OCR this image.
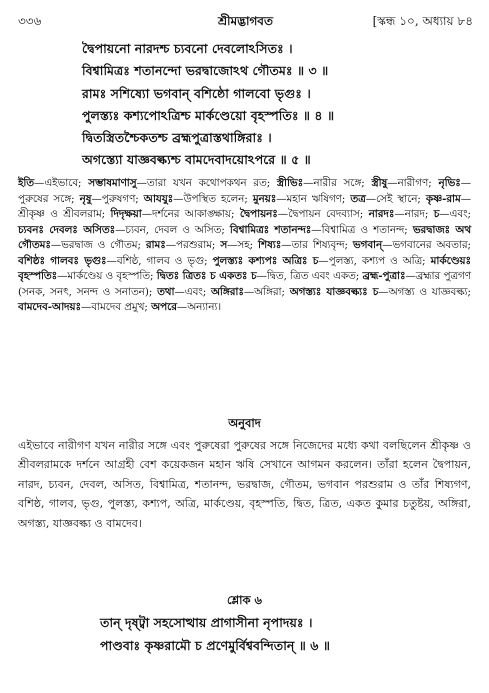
৩৩৬	শ্রীমদ্ভাগবত	[স্কন্ধ ১০, অধ্যায় ৮৪
দ্বৈপায়নো নারদশ্চ চ্যবনো দেবলোঽসিতঃ ।
বিশ্বামিত্রঃ শতানন্দো ভরদ্বাজোঽথ গৌতমঃ ॥ ৩ ॥
রামঃ সশিষ্যো ভগবান্ বশিষ্ঠো গালবো ভৃগুঃ ।
পুলস্ত্যঃ কশ্যপোঽত্রিশ্চ মার্কণ্ডেয়ো বৃহস্পতিঃ ॥ ৪ ॥
দ্বিতস্ত্রিতশ্চৈকতশ্চ ব্রহ্মপুত্রাস্তথাঙ্গিরাঃ ।
অগস্ত্যো যাজ্ঞবল্ক্যশ্চ বামদেবাদয়োঽপরে ॥ ৫ ॥
ইতি—এইভাবে; সম্ভাষমাণাসু—তারা যখন কথোপকথন রত; স্ত্রীভিঃ—নারীর সঙ্গে; স্ত্রীষু—নারীগণ; নৃভিঃ—পুরুষের সঙ্গে; নৃষু—পুরুষগণ; আযযুঃ—উপস্থিত হলেন; মুনয়ঃ—মহান ঋষিগণ; তত্র—সেই স্থানে; কৃষ্ণ-রাম—শ্রীকৃষ্ণ ও শ্রীবলরাম; দিদৃক্ষয়া—দর্শনের আকাঙ্ক্ষায়; দ্বৈপায়নঃ—দ্বৈপায়ন বেদব্যাস; নারদঃ—নারদ; চ—এবং; চ্যবনঃ দেবলঃ অসিতঃ—চ্যবন, দেবল ও অসিত; বিশ্বামিত্রঃ শতানন্দঃ—বিশ্বামিত্র ও শতানন্দ; ভরদ্বাজঃ অথ গৌতমঃ—ভরদ্বাজ ও গৌতম; রামঃ—পরশুরাম; স—সহ; শিষ্যঃ—তার শিষ্যবৃন্দ; ভগবান্—ভগবানের অবতার; বশিষ্ঠঃ গালবঃ ভৃগুঃ—বশিষ্ঠ, গালব ও ভৃগু; পুলস্ত্যঃ কশ্যপঃ অত্রিঃ চ—পুলস্ত্য, কশ্যপ ও অত্রি; মার্কণ্ডেয়ঃ বৃহস্পতিঃ—মার্কণ্ডেয় ও বৃহস্পতি; দ্বিতঃ ত্রিতঃ চ একতঃ চ—দ্বিত, ত্রিত এবং একত; ব্রহ্ম-পুত্রাঃ—ব্রহ্মার পুত্রগণ (সনক, সনৎ, সনন্দ ও সনাতন); তথা—এবং; অঙ্গিরাঃ—অঙ্গিরা; অগস্ত্যঃ যাজ্ঞবল্ক্যঃ চ—অগস্ত্য ও যাজ্ঞবল্ক্য; বামদেব-আদয়ঃ—বামদেব প্রমুখ; অপরে—অন্যান্য।
অনুবাদ
এইভাবে নারীগণ যখন নারীর সঙ্গে এবং পুরুষেরা পুরুষের সঙ্গে নিজেদের মধ্যে কথা বলছিলেন শ্রীকৃষ্ণ ও শ্রীবলরামকে দর্শনে আগ্রহী বেশ কয়েকজন মহান ঋষি সেখানে আগমন করলেন। তাঁরা হলেন দ্বৈপায়ন, নারদ, চ্যবন, দেবল, অসিত, বিশ্বামিত্র, শতানন্দ, ভরদ্বাজ, গৌতম, ভগবান পরশুরাম ও তাঁর শিষ্যগণ, বশিষ্ঠ, গালব, ভৃগু, পুলস্ত্য, কশ্যপ, অত্রি, মার্কণ্ডেয়, বৃহস্পতি, দ্বিত, ত্রিত, একত কুমার চতুষ্টয়, অঙ্গিরা, অগস্ত্য, যাজ্ঞবল্ক্য ও বামদেব।
শ্লোক ৬
তান্ দৃষ্ট্বা সহসোত্থায় প্রাগাসীনা নৃপাদয়ঃ ।
পাণ্ডবাঃ কৃষ্ণরামৌ চ প্রণেমুর্বিশ্ববন্দিতান্ ॥ ৬ ॥
